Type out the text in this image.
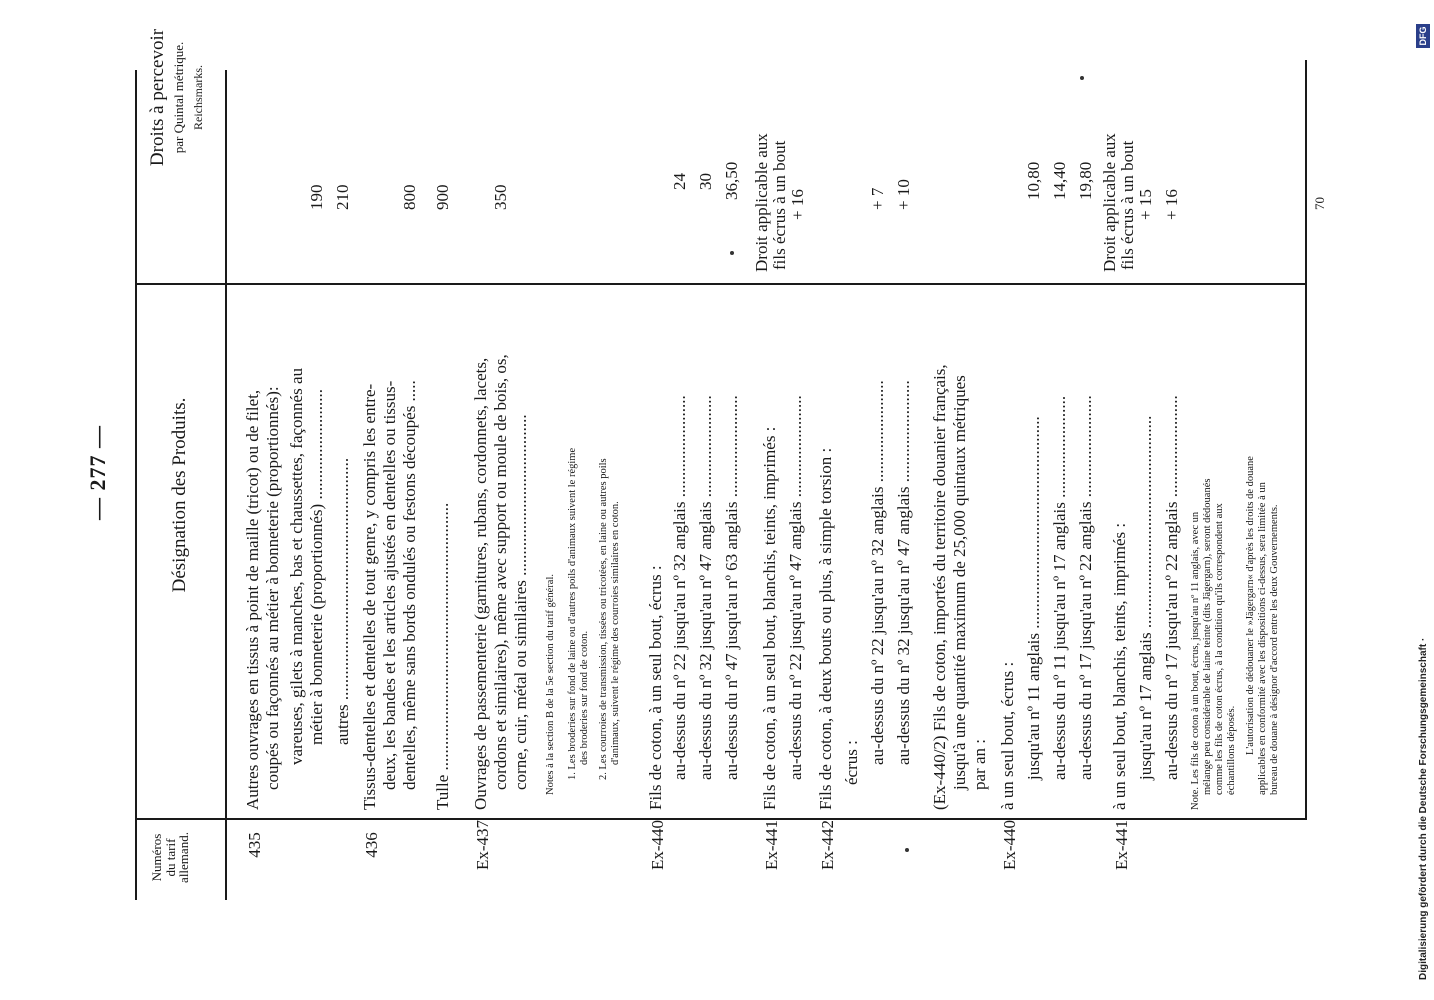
— 277 —
Numéros
du tarif
allemand.
Désignation des Produits.
Droits à percevoir par Quintal métrique. Reichsmarks.
435
Autres ouvrages en tissus à point de maille (tricot) ou de filet, coupés ou façonnés au métier à bonneterie (proportionnés): vareuses, gilets à manches, bas et chaussettes, façonnés au métier à bonneterie (proportionnés) .......................... autres .........................................................
190 210
436
Tissus-dentelles et dentelles de tout genre, y compris les entre- deux, les bandes et les articles ajustés en dentelles ou tissus- dentelles, même sans bords ondulés ou festons découpés .....
800
Tulle ...............................................................
900
Ex-437
Ouvrages de passementerie (garnitures, rubans, cordonnets, lacets, cordons et similaires), même avec support ou moule de bois, os, corne, cuir, métal ou similaires ......................................
350
Notes à la section B de la 5e section du tarif général. 1. Les broderies sur fond de laine ou d'autres poils d'animaux suivent le régime des broderies sur fond de coton. 2. Les courroies de transmission, tissées ou tricotées, en laine ou autres poils d'animaux, suivent le régime des courroies similaires en coton.
Ex-440
Fils de coton, à un seul bout, écrus : au-dessus du nº 22 jusqu'au nº 32 anglais ........................ au-dessus du nº 32 jusqu'au nº 47 anglais ........................ au-dessus du nº 47 jusqu'au nº 63 anglais ........................
24 30 36,50
Ex-441
Fils de coton, à un seul bout, blanchis, teints, imprimés : au-dessus du nº 22 jusqu'au nº 47 anglais ........................
Droit applicable aux fils écrus à un bout + 16
Ex-442
Fils de coton, à deux bouts ou plus, à simple torsion : écrus : au-dessus du nº 22 jusqu'au nº 32 anglais ........................ au-dessus du nº 32 jusqu'au nº 47 anglais ........................
+ 7 + 10
(Ex-440/2) Fils de coton, importés du territoire douanier français, jusqu'à une quantité maximum de 25,000 quintaux métriques par an :
Ex-440
à un seul bout, écrus : jusqu'au nº 11 anglais .................................................. au-dessus du nº 11 jusqu'au nº 17 anglais ........................ au-dessus du nº 17 jusqu'au nº 22 anglais ........................
10,80 14,40 19,80
Ex-441
à un seul bout, blanchis, teints, imprimés : jusqu'au nº 17 anglais .................................................. au-dessus du nº 17 jusqu'au nº 22 anglais ........................
Droit applicable aux fils écrus à un bout + 15 + 16
Note. Les fils de coton à un bout, écrus, jusqu'au nº 11 anglais, avec un mélange peu considérable de laine teinte (dits Jägergarn), seront dédouanés comme les fils de coton écrus, à la condition qu'ils correspondent aux échantillons déposés. L'autorisation de dédouaner le »Jägergarn« d'après les droits de douane applicables en conformité avec les dispositions ci-dessus, sera limitée à un bureau de douane à désignor d'accord entre les deux Gouvernements.
70
Digitalisierung gefördert durch die Deutsche Forschungsgemeinschaft ·
DFG
